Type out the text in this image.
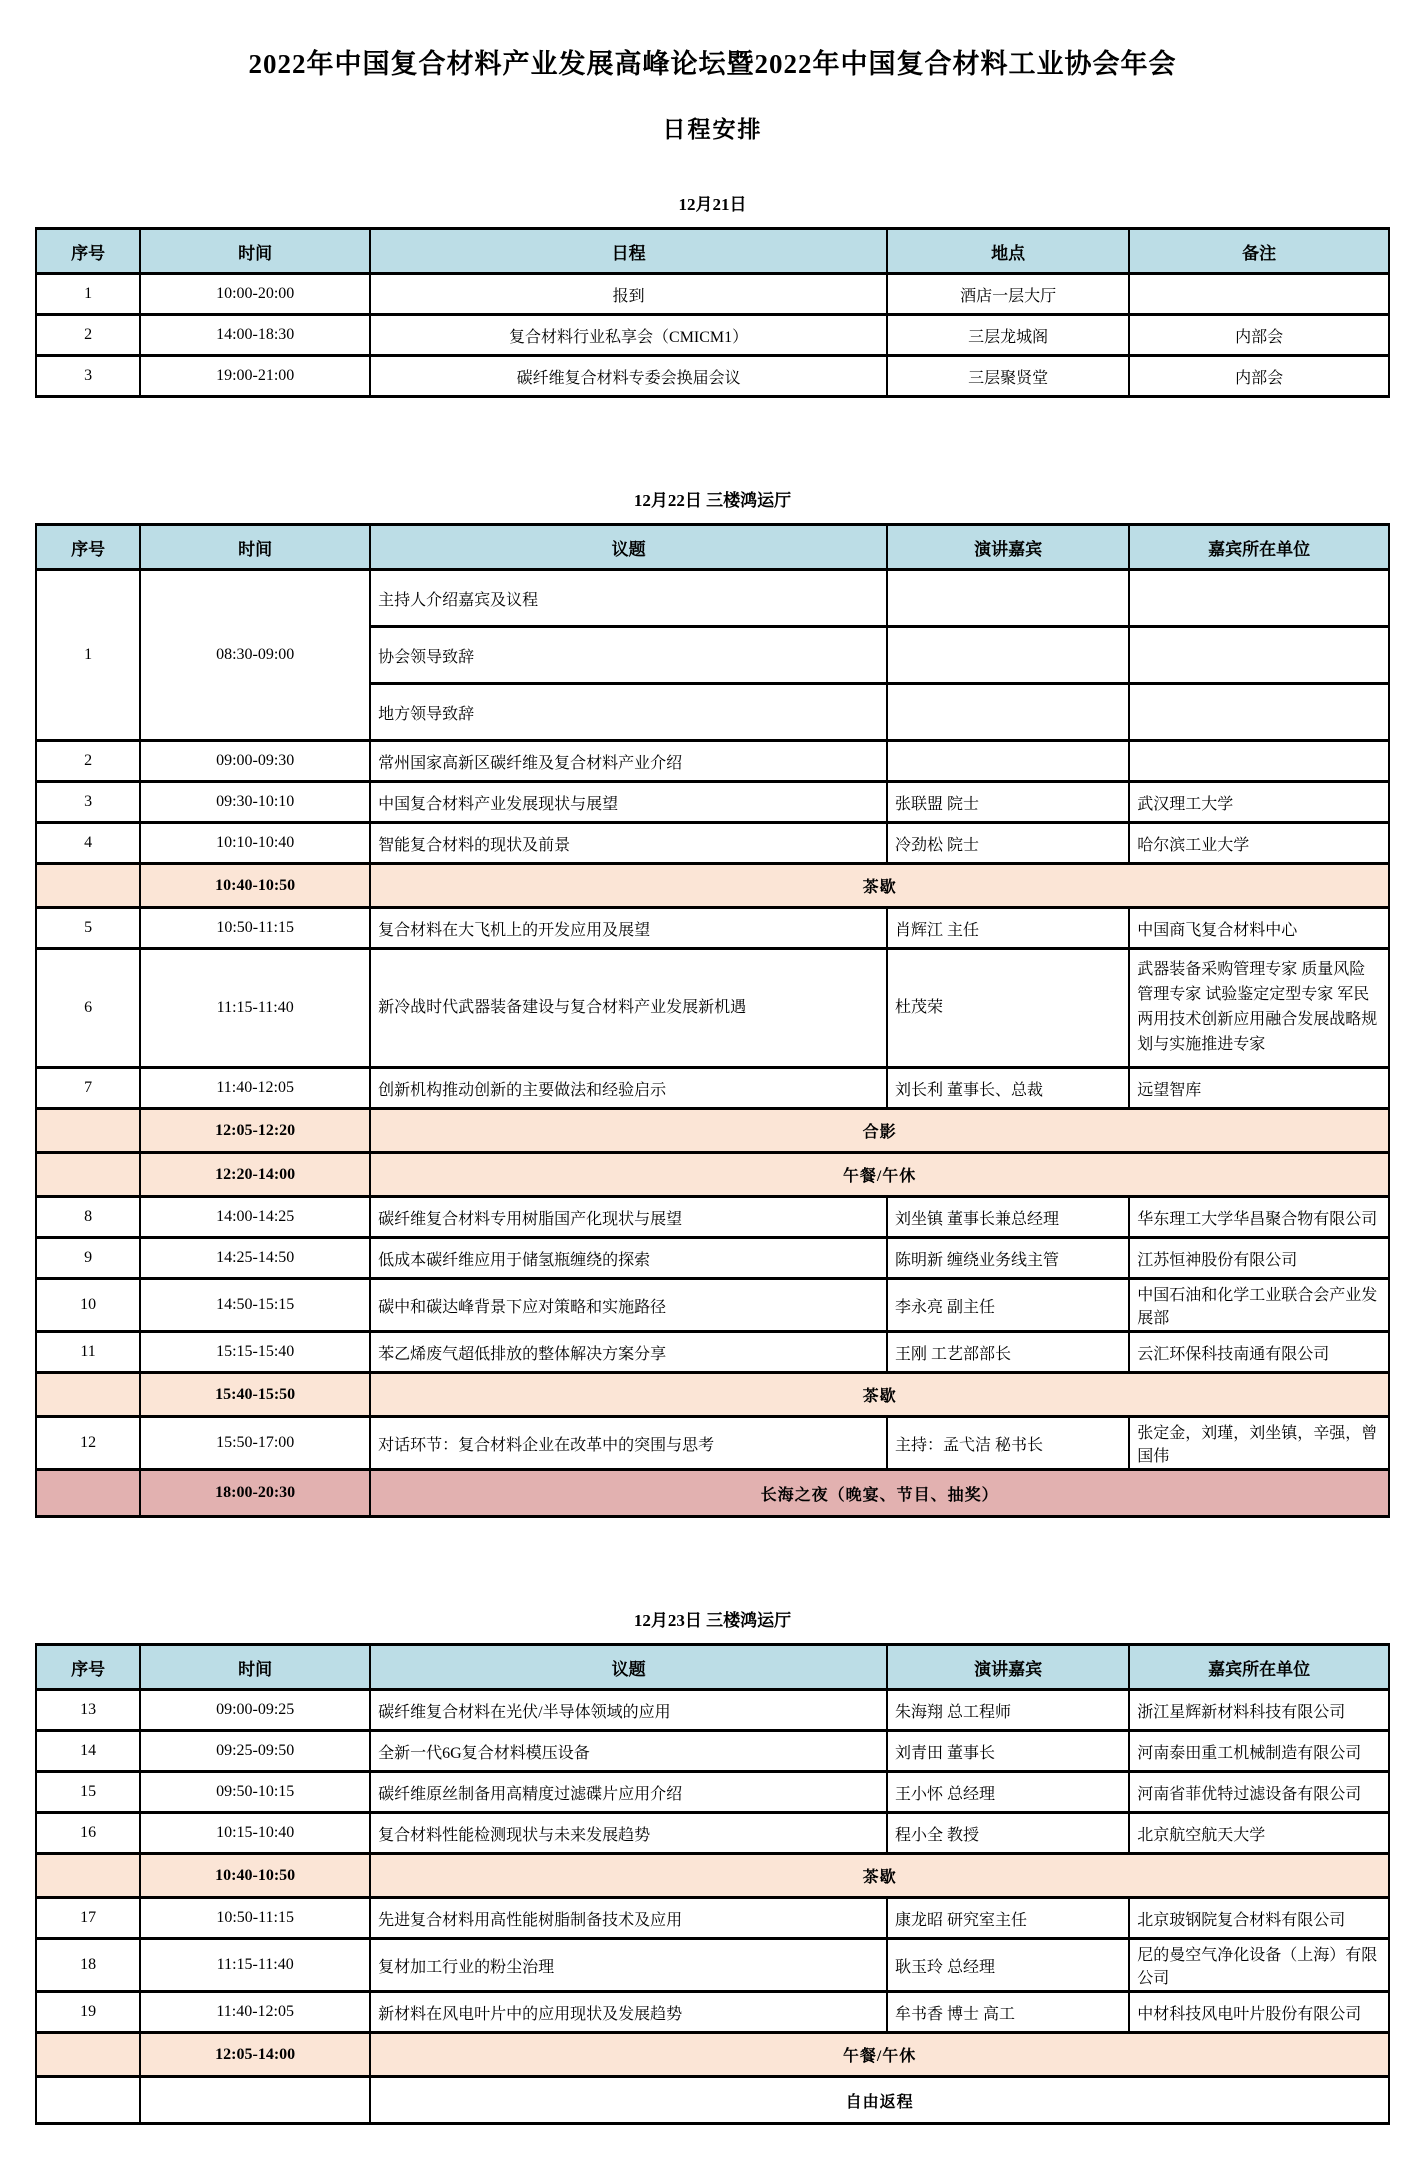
2022年中国复合材料产业发展高峰论坛暨2022年中国复合材料工业协会年会
日程安排
12月21日
序号	时间	日程	地点	备注
1	10:00-20:00	报到	酒店一层大厅	
2	14:00-18:30	复合材料行业私享会（CMICM1）	三层龙城阁	内部会
3	19:00-21:00	碳纤维复合材料专委会换届会议	三层聚贤堂	内部会
12月22日 三楼鸿运厅
序号	时间	议题	演讲嘉宾	嘉宾所在单位
1	08:30-09:00	主持人介绍嘉宾及议程		
		协会领导致辞		
		地方领导致辞		
2	09:00-09:30	常州国家高新区碳纤维及复合材料产业介绍		
3	09:30-10:10	中国复合材料产业发展现状与展望	张联盟 院士	武汉理工大学
4	10:10-10:40	智能复合材料的现状及前景	冷劲松 院士	哈尔滨工业大学
	10:40-10:50	茶歇		
5	10:50-11:15	复合材料在大飞机上的开发应用及展望	肖辉江 主任	中国商飞复合材料中心
6	11:15-11:40	新冷战时代武器装备建设与复合材料产业发展新机遇	杜茂荣	武器装备采购管理专家 质量风险管理专家 试验鉴定定型专家 军民两用技术创新应用融合发展战略规划与实施推进专家
7	11:40-12:05	创新机构推动创新的主要做法和经验启示	刘长利 董事长、总裁	远望智库
	12:05-12:20	合影		
	12:20-14:00	午餐/午休		
8	14:00-14:25	碳纤维复合材料专用树脂国产化现状与展望	刘坐镇 董事长兼总经理	华东理工大学华昌聚合物有限公司
9	14:25-14:50	低成本碳纤维应用于储氢瓶缠绕的探索	陈明新 缠绕业务线主管	江苏恒神股份有限公司
10	14:50-15:15	碳中和碳达峰背景下应对策略和实施路径	李永亮 副主任	中国石油和化学工业联合会产业发展部
11	15:15-15:40	苯乙烯废气超低排放的整体解决方案分享	王刚 工艺部部长	云汇环保科技南通有限公司
	15:40-15:50	茶歇		
12	15:50-17:00	对话环节：复合材料企业在改革中的突围与思考	主持：孟弋洁 秘书长	张定金，刘瑾，刘坐镇，辛强，曾国伟
	18:00-20:30	长海之夜（晚宴、节目、抽奖）		
12月23日 三楼鸿运厅
序号	时间	议题	演讲嘉宾	嘉宾所在单位
13	09:00-09:25	碳纤维复合材料在光伏/半导体领域的应用	朱海翔 总工程师	浙江星辉新材料科技有限公司
14	09:25-09:50	全新一代6G复合材料模压设备	刘青田 董事长	河南泰田重工机械制造有限公司
15	09:50-10:15	碳纤维原丝制备用高精度过滤碟片应用介绍	王小怀 总经理	河南省菲优特过滤设备有限公司
16	10:15-10:40	复合材料性能检测现状与未来发展趋势	程小全 教授	北京航空航天大学
	10:40-10:50	茶歇		
17	10:50-11:15	先进复合材料用高性能树脂制备技术及应用	康龙昭 研究室主任	北京玻钢院复合材料有限公司
18	11:15-11:40	复材加工行业的粉尘治理	耿玉玲 总经理	尼的曼空气净化设备（上海）有限公司
19	11:40-12:05	新材料在风电叶片中的应用现状及发展趋势	牟书香 博士 高工	中材科技风电叶片股份有限公司
	12:05-14:00	午餐/午休		
		自由返程		
